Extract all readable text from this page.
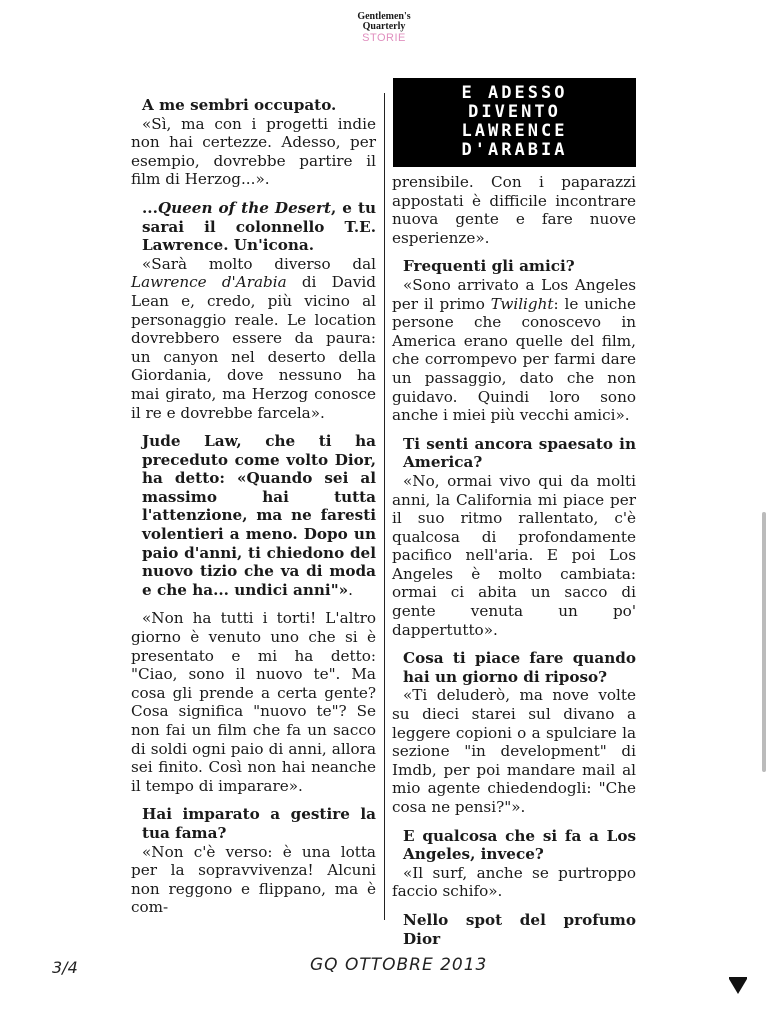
Gentlemen's
Quarterly
STORIE
E ADESSO
DIVENTO
LAWRENCE
D'ARABIA

A me sembri occupato.

«Sì, ma con i progetti indie non hai certezze. Adesso, per esempio, dovrebbe partire il film di Herzog...».

...Queen of the Desert, e tu sarai il colonnello T.E. Lawrence. Un'icona.

«Sarà molto diverso dal Lawrence d'Arabia di David Lean e, credo, più vicino al personaggio reale. Le location dovrebbero essere da paura: un canyon nel deserto della Giordania, dove nessuno ha mai girato, ma Herzog conosce il re e dovrebbe farcela».

Jude Law, che ti ha preceduto come volto Dior, ha detto: «Quando sei al massimo hai tutta l'attenzione, ma ne faresti volentieri a meno. Dopo un paio d'anni, ti chiedono del nuovo tizio che va di moda e che ha... undici anni"».

«Non ha tutti i torti! L'altro giorno è venuto uno che si è presentato e mi ha detto: "Ciao, sono il nuovo te". Ma cosa gli prende a certa gente? Cosa significa "nuovo te"? Se non fai un film che fa un sacco di soldi ogni paio di anni, allora sei finito. Così non hai neanche il tempo di imparare».

Hai imparato a gestire la tua fama?

«Non c'è verso: è una lotta per la sopravvivenza! Alcuni non reggono e flippano, ma è com-

prensibile. Con i paparazzi appostati è difficile incontrare nuova gente e fare nuove esperienze».

Frequenti gli amici?

«Sono arrivato a Los Angeles per il primo Twilight: le uniche persone che conoscevo in America erano quelle del film, che corrompevo per farmi dare un passaggio, dato che non guidavo. Quindi loro sono anche i miei più vecchi amici».

Ti senti ancora spaesato in America?

«No, ormai vivo qui da molti anni, la California mi piace per il suo ritmo rallentato, c'è qualcosa di profondamente pacifico nell'aria. E poi Los Angeles è molto cambiata: ormai ci abita un sacco di gente venuta un po' dappertutto».

Cosa ti piace fare quando hai un giorno di riposo?

«Ti deluderò, ma nove volte su dieci starei sul divano a leggere copioni o a spulciare la sezione "in development" di Imdb, per poi mandare mail al mio agente chiedendogli: "Che cosa ne pensi?"».

E qualcosa che si fa a Los Angeles, invece?

«Il surf, anche se purtroppo faccio schifo».

Nello spot del profumo Dior

3/4	GQ OTTOBRE 2013
